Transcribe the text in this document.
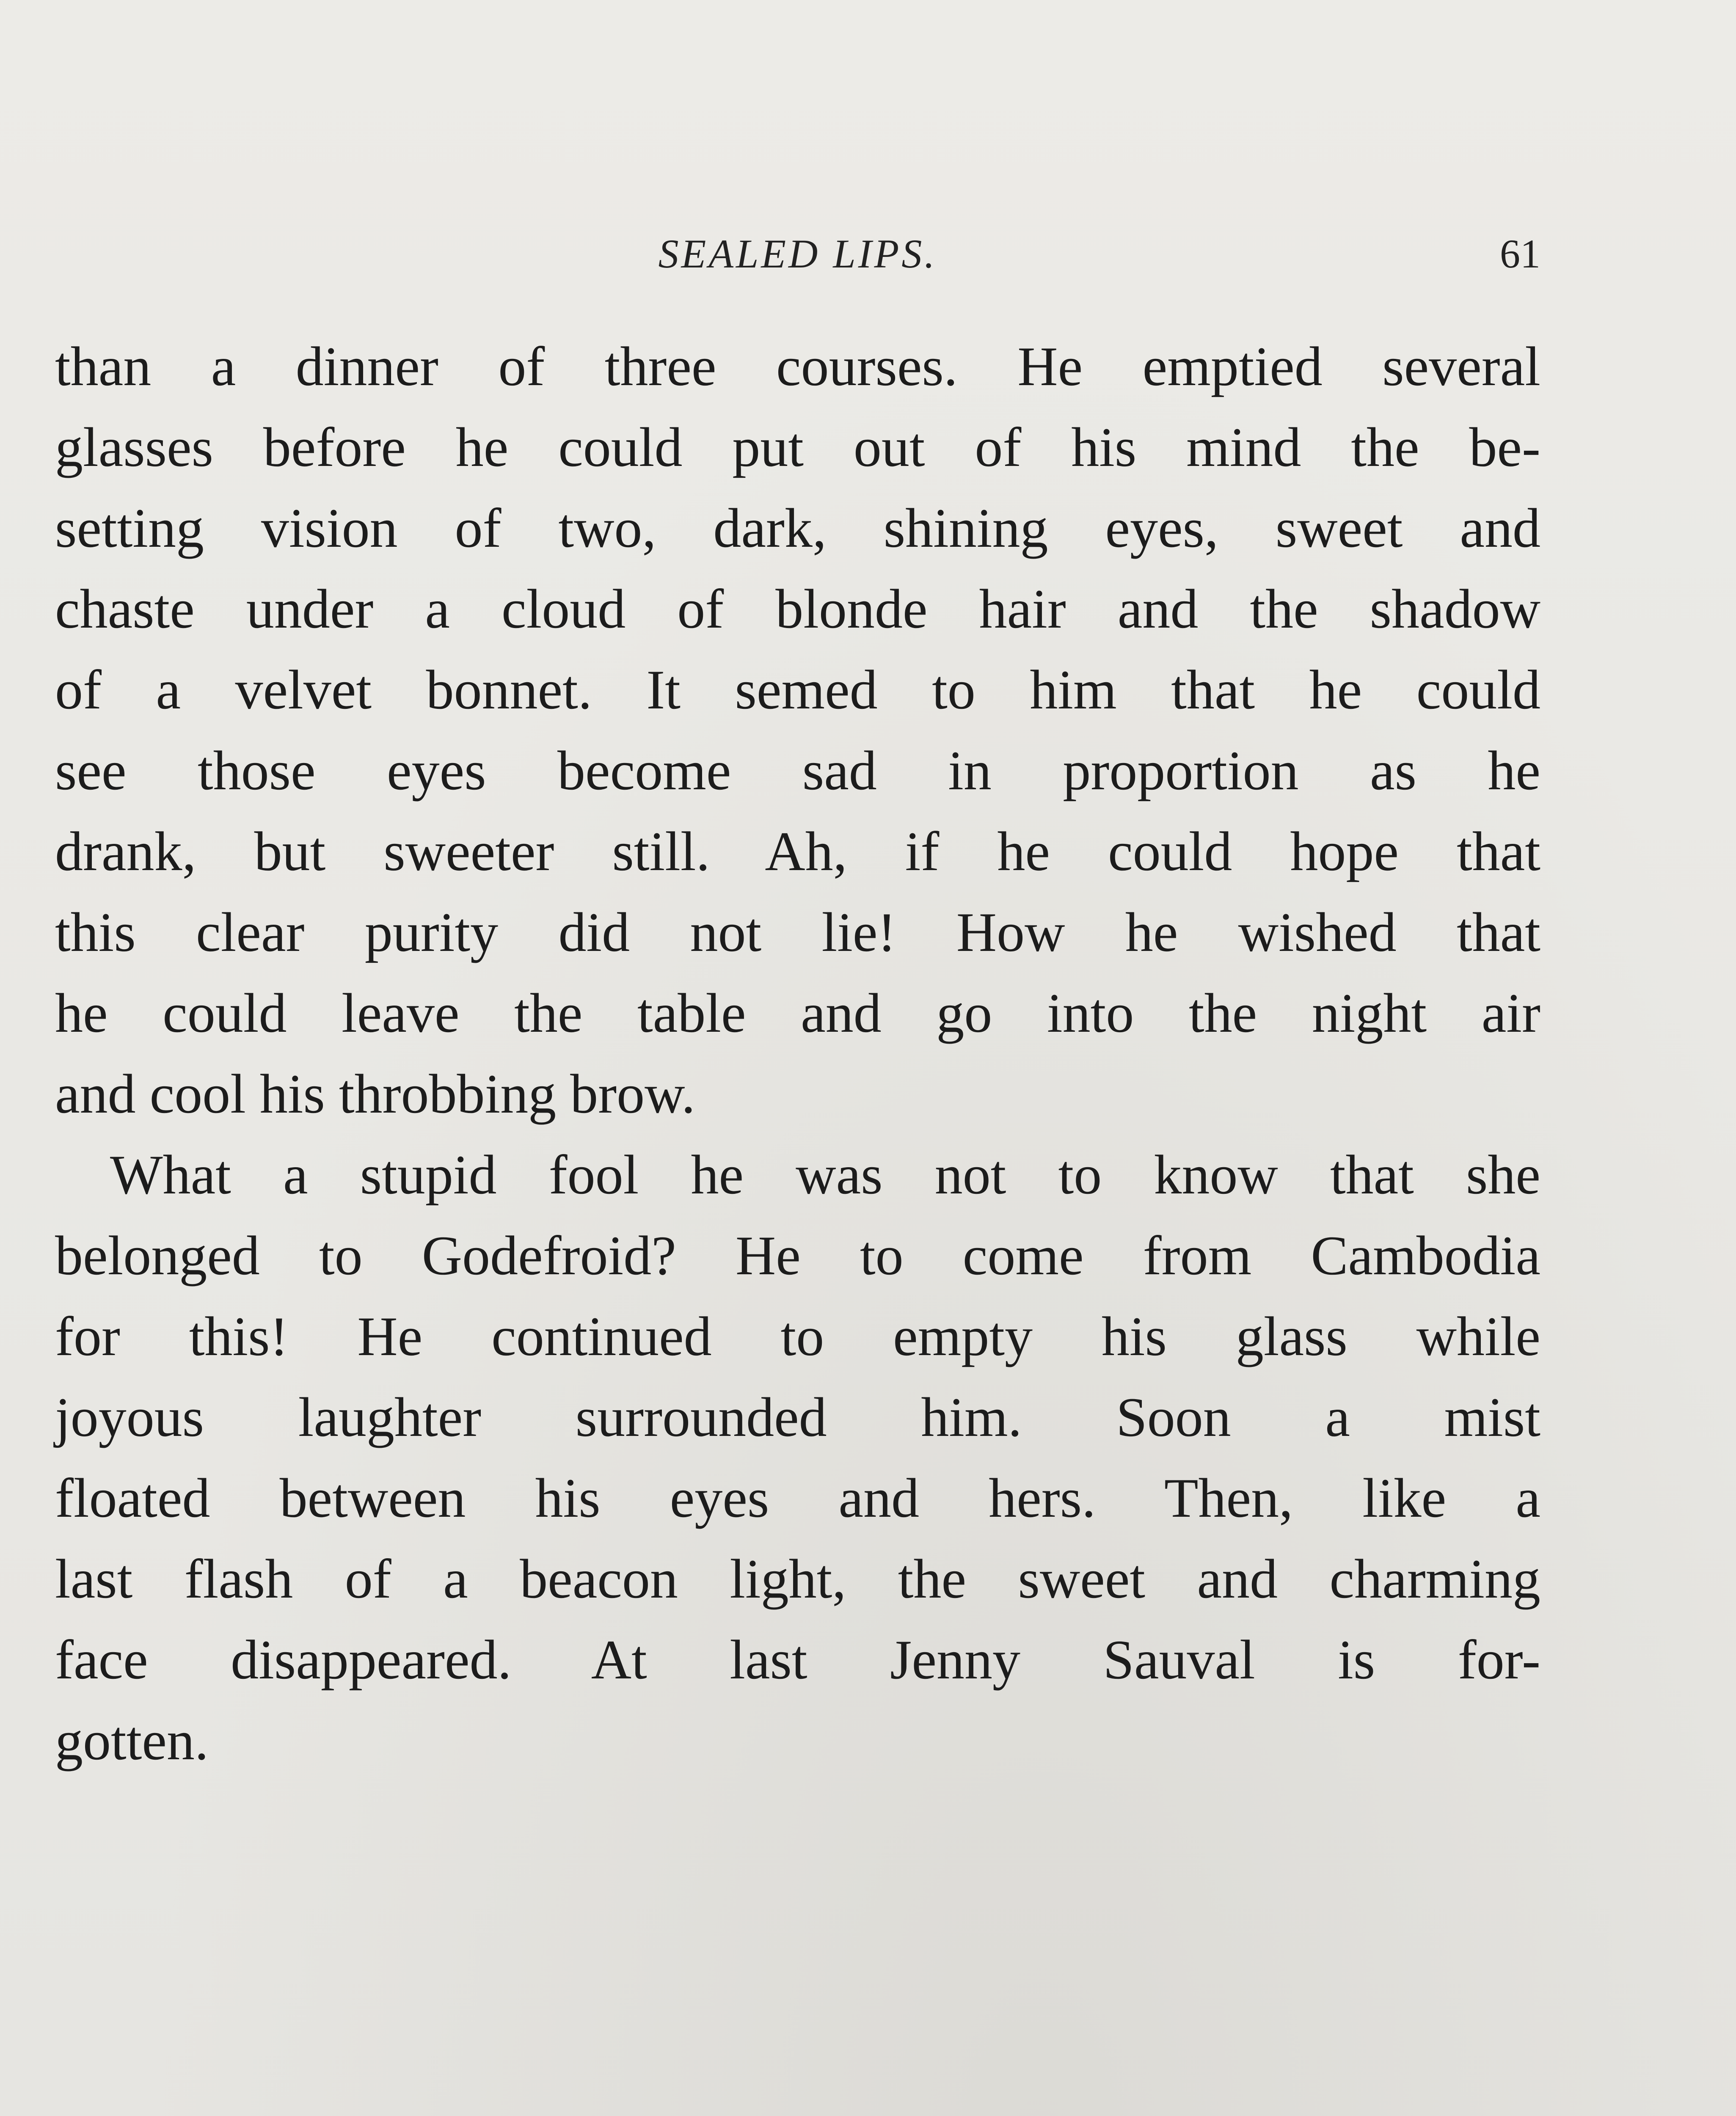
SEALED LIPS.	61
than a dinner of three courses. He emptied several
glasses before he could put out of his mind the be-
setting vision of two, dark, shining eyes, sweet and
chaste under a cloud of blonde hair and the shadow
of a velvet bonnet. It semed to him that he could
see those eyes become sad in proportion as he
drank, but sweeter still. Ah, if he could hope that
this clear purity did not lie! How he wished that
he could leave the table and go into the night air
and cool his throbbing brow.
What a stupid fool he was not to know that she
belonged to Godefroid? He to come from Cambodia
for this! He continued to empty his glass while
joyous laughter surrounded him. Soon a mist
floated between his eyes and hers. Then, like a
last flash of a beacon light, the sweet and charming
face disappeared. At last Jenny Sauval is for-
gotten.
